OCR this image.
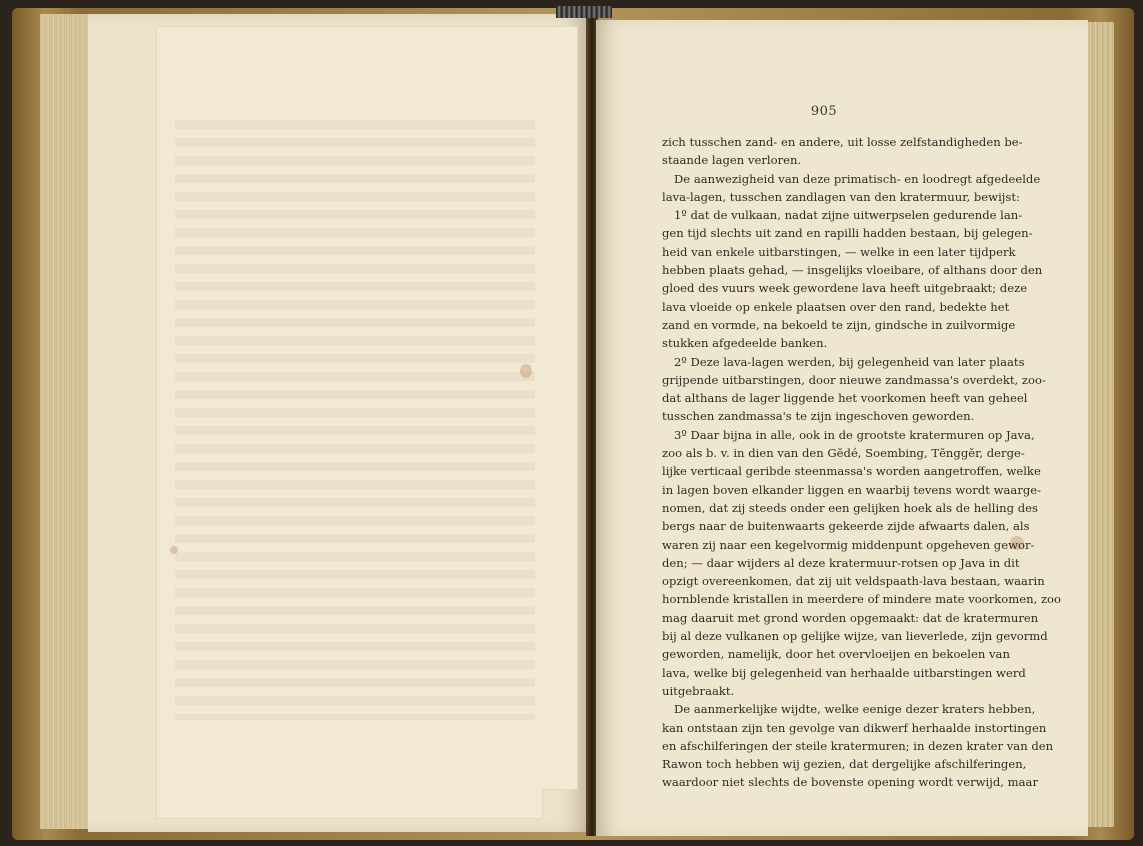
905
zich tusschen zand- en andere, uit losse zelfstandigheden be-
staande lagen verloren.
De aanwezigheid van deze primatisch- en loodregt afgedeelde
lava-lagen, tusschen zandlagen van den kratermuur, bewijst:
1º dat de vulkaan, nadat zijne uitwerpselen gedurende lan-
gen tijd slechts uit zand en rapilli hadden bestaan, bij gelegen-
heid van enkele uitbarstingen, — welke in een later tijdperk
hebben plaats gehad, — insgelijks vloeibare, of althans door den
gloed des vuurs week gewordene lava heeft uitgebraakt; deze
lava vloeide op enkele plaatsen over den rand, bedekte het
zand en vormde, na bekoeld te zijn, gindsche in zuilvormige
stukken afgedeelde banken.
2º Deze lava-lagen werden, bij gelegenheid van later plaats
grijpende uitbarstingen, door nieuwe zandmassa's overdekt, zoo-
dat althans de lager liggende het voorkomen heeft van geheel
tusschen zandmassa's te zijn ingeschoven geworden.
3º Daar bijna in alle, ook in de grootste kratermuren op Java,
zoo als b. v. in dien van den Gĕdé, Soembing, Tĕnggĕr, derge-
lijke verticaal geribde steenmassa's worden aangetroffen, welke
in lagen boven elkander liggen en waarbij tevens wordt waarge-
nomen, dat zij steeds onder een gelijken hoek als de helling des
bergs naar de buitenwaarts gekeerde zijde afwaarts dalen, als
waren zij naar een kegelvormig middenpunt opgeheven gewor-
den; — daar wijders al deze kratermuur-rotsen op Java in dit
opzigt overeenkomen, dat zij uit veldspaath-lava bestaan, waarin
hornblende kristallen in meerdere of mindere mate voorkomen, zoo
mag daaruit met grond worden opgemaakt: dat de kratermuren
bij al deze vulkanen op gelijke wijze, van lieverlede, zijn gevormd
geworden, namelijk, door het overvloeijen en bekoelen van
lava, welke bij gelegenheid van herhaalde uitbarstingen werd
uitgebraakt.
De aanmerkelijke wijdte, welke eenige dezer kraters hebben,
kan ontstaan zijn ten gevolge van dikwerf herhaalde instortingen
en afschilferingen der steile kratermuren; in dezen krater van den
Rawon toch hebben wij gezien, dat dergelijke afschilferingen,
waardoor niet slechts de bovenste opening wordt verwijd, maar
